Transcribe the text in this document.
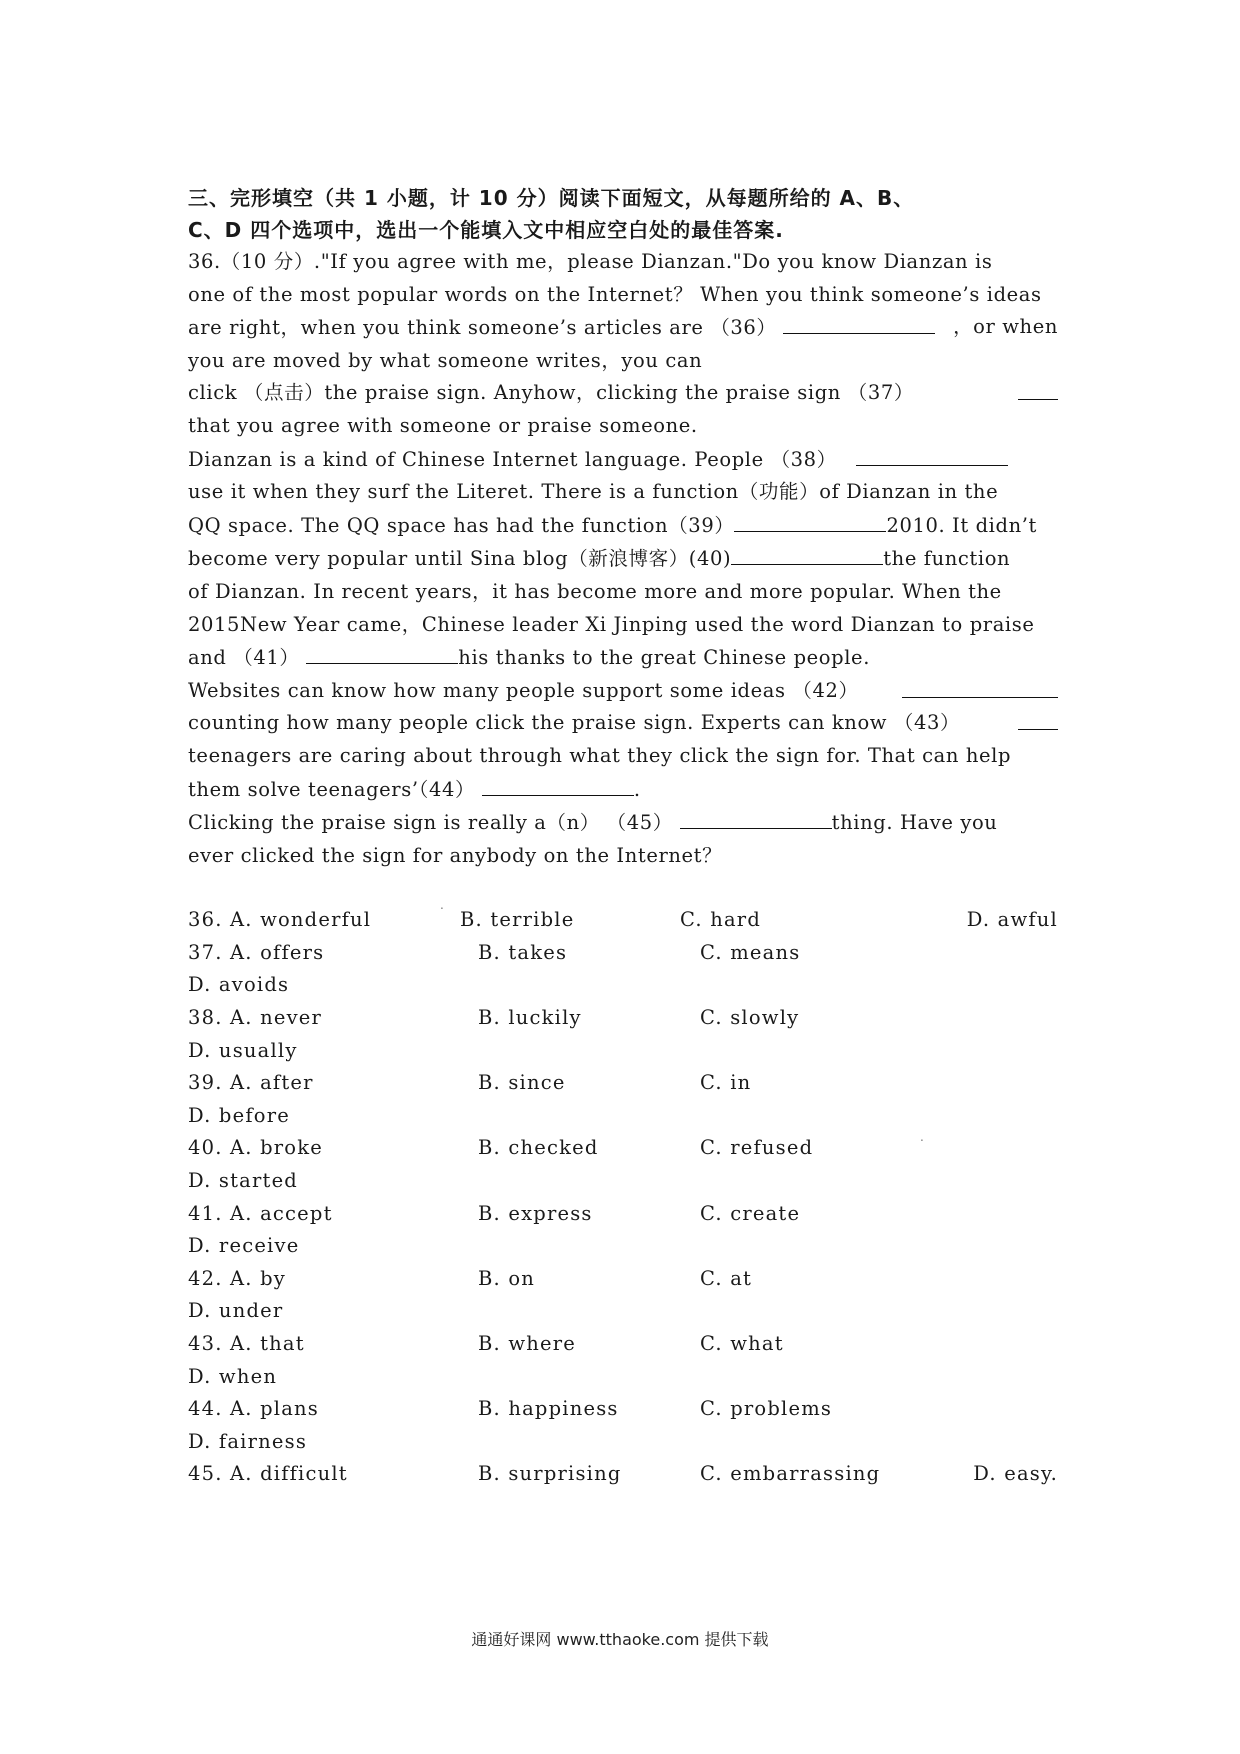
三、完形填空（共 1 小题，计 10 分）阅读下面短文，从每题所给的 A、B、
C、D 四个选项中，选出一个能填入文中相应空白处的最佳答案.
36.（10 分）."If you agree with me，please Dianzan."Do you know Dianzan is
one of the most popular words on the Internet？ When you think someone’s ideas
are right，when you think someone’s articles are （36）	，or when
you are moved by what someone writes，you can
click （点击）the praise sign. Anyhow，clicking the praise sign （37）
that you agree with someone or praise someone.
Dianzan is a kind of Chinese Internet language. People （38）
use it when they surf the Literet. There is a function（功能）of Dianzan in the
QQ space. The QQ space has had the function（39）	2010. It didn’t
become very popular until Sina blog（新浪博客）(40)	the function
of Dianzan. In recent years，it has become more and more popular. When the
2015New Year came，Chinese leader Xi Jinping used the word Dianzan to praise
and （41）	his thanks to the great Chinese people.
Websites can know how many people support some ideas （42）
counting how many people click the praise sign. Experts can know （43）
teenagers are caring about through what they click the sign for. That can help
them solve teenagers’（44）	.
Clicking the praise sign is really a（n） （45）	thing. Have you
ever clicked the sign for anybody on the Internet？
36. A. wonderful	B. terrible	C. hard	D. awful
37. A. offers	B. takes	C. means
D. avoids
38. A. never	B. luckily	C. slowly
D. usually
39. A. after	B. since	C. in
D. before
40. A. broke	B. checked	C. refused
D. started
41. A. accept	B. express	C. create
D. receive
42. A. by	B. on	C. at
D. under
43. A. that	B. where	C. what
D. when
44. A. plans	B. happiness	C. problems
D. fairness
45. A. difficult	B. surprising	C. embarrassing	D. easy.
.
.
通通好课网 www.tthaoke.com 提供下载
